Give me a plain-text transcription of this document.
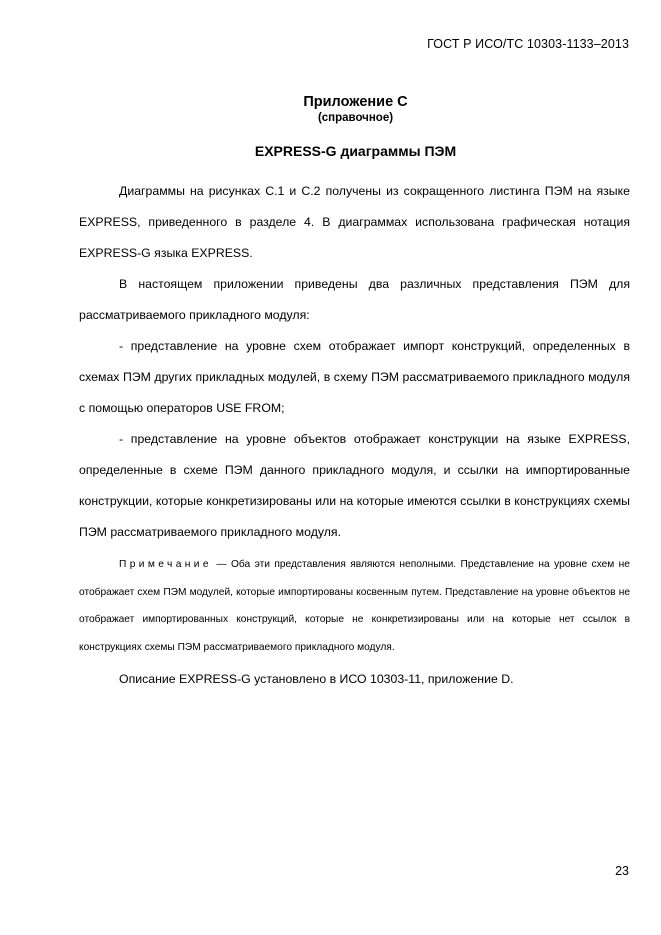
ГОСТ Р ИСО/ТС 10303-1133–2013
Приложение С
(справочное)
EXPRESS-G диаграммы ПЭМ

Диаграммы на рисунках С.1 и С.2 получены из сокращенного листинга ПЭМ на языке EXPRESS, приведенного в разделе 4. В диаграммах использована графическая нотация EXPRESS-G языка EXPRESS.

В настоящем приложении приведены два различных представления ПЭМ для рассматриваемого прикладного модуля:

- представление на уровне схем отображает импорт конструкций, определенных в схемах ПЭМ других прикладных модулей, в схему ПЭМ рассматриваемого прикладного модуля с помощью операторов USE FROM;

- представление на уровне объектов отображает конструкции на языке EXPRESS, определенные в схеме ПЭМ данного прикладного модуля, и ссылки на импортированные конструкции, которые конкретизированы или на которые имеются ссылки в конструкциях схемы ПЭМ рассматриваемого прикладного модуля.

Примечание — Оба эти представления являются неполными. Представление на уровне схем не отображает схем ПЭМ модулей, которые импортированы косвенным путем. Представление на уровне объектов не отображает импортированных конструкций, которые не конкретизированы или на которые нет ссылок в конструкциях схемы ПЭМ рассматриваемого прикладного модуля.

Описание EXPRESS-G установлено в ИСО 10303-11, приложение D.

23
